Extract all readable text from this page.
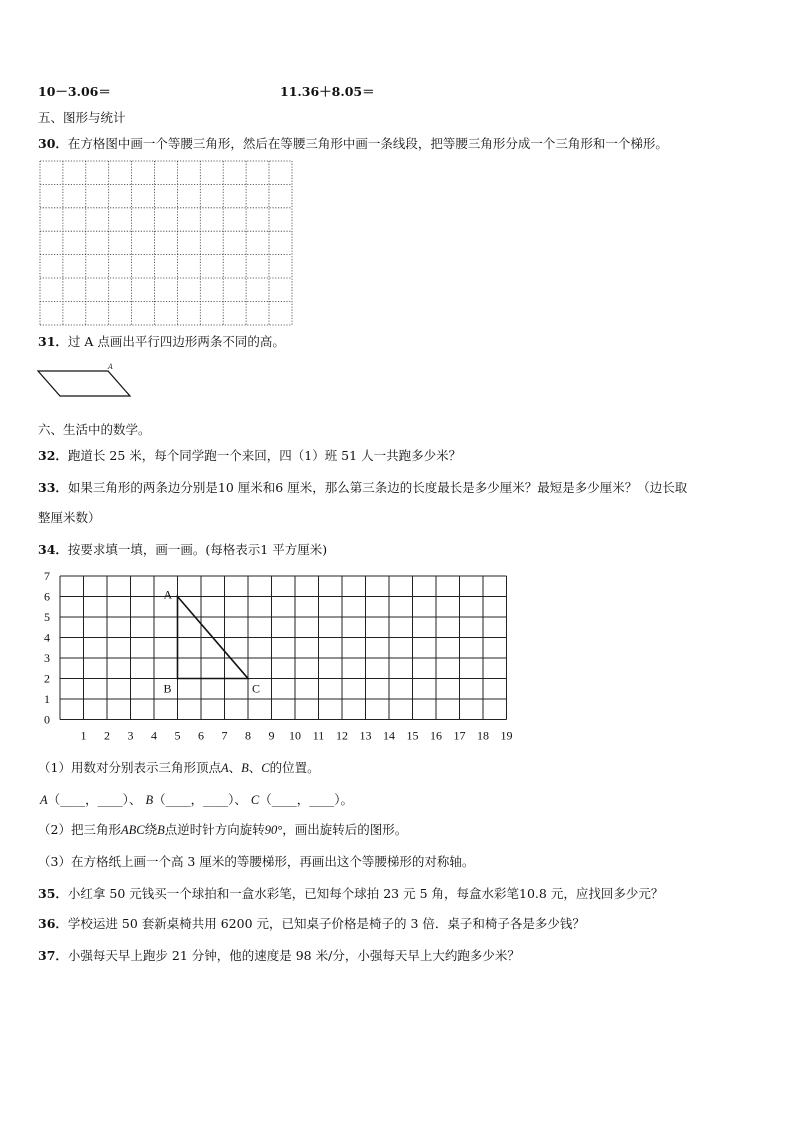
10－3.06＝	11.36＋8.05＝
五、图形与统计
30．在方格图中画一个等腰三角形，然后在等腰三角形中画一条线段，把等腰三角形分成一个三角形和一个梯形。
31．过 A 点画出平行四边形两条不同的高。
A
六、生活中的数学。
32．跑道长 25 米，每个同学跑一个来回，四（1）班 51 人一共跑多少米？
33．如果三角形的两条边分别是10 厘米和6 厘米，那么第三条边的长度最长是多少厘米？最短是多少厘米？（边长取
整厘米数）
34．按要求填一填，画一画。(每格表示1 平方厘米)
0
1
2
3
4
5
6
7
1 2 3 4 5 6 7 8 9 10 11 12 13 14 15 16 17 18 19
A
B	C
（1）用数对分别表示三角形顶点A、B、C的位置。
A（____，____）、 B（____，____）、 C（____，____）。
（2）把三角形ABC绕B点逆时针方向旋转90°，画出旋转后的图形。
（3）在方格纸上画一个高 3 厘米的等腰梯形，再画出这个等腰梯形的对称轴。
35．小红拿 50 元钱买一个球拍和一盒水彩笔，已知每个球拍 23 元 5 角，每盒水彩笔10.8 元，应找回多少元？
36．学校运进 50 套新桌椅共用 6200 元，已知桌子价格是椅子的 3 倍．桌子和椅子各是多少钱？
37．小强每天早上跑步 21 分钟，他的速度是 98 米/分，小强每天早上大约跑多少米？
